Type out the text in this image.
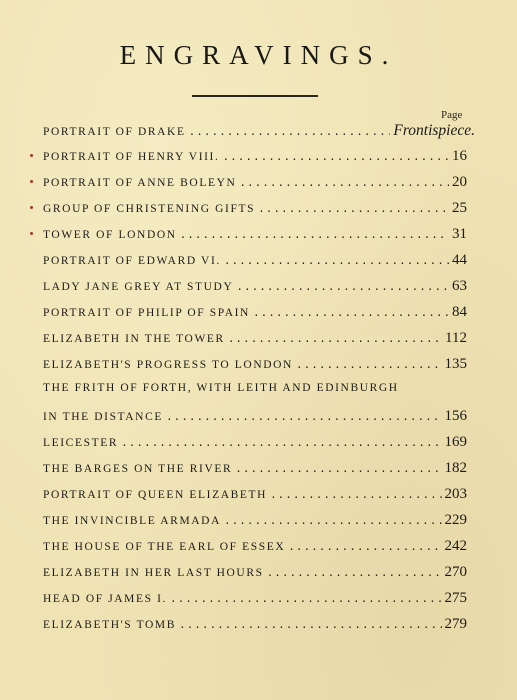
ENGRAVINGS.
Page
PORTRAIT OF DRAKE .....	Frontispiece.
PORTRAIT OF HENRY VIII. .....	16
PORTRAIT OF ANNE BOLEYN .....	20
GROUP OF CHRISTENING GIFTS .....	25
TOWER OF LONDON .....	31
PORTRAIT OF EDWARD VI. .....	44
LADY JANE GREY AT STUDY .....	63
PORTRAIT OF PHILIP OF SPAIN .....	84
ELIZABETH IN THE TOWER .....	112
ELIZABETH'S PROGRESS TO LONDON .....	135
THE FRITH OF FORTH, WITH LEITH AND EDINBURGH
IN THE DISTANCE .....	156
LEICESTER .....	169
THE BARGES ON THE RIVER .....	182
PORTRAIT OF QUEEN ELIZABETH .....	203
THE INVINCIBLE ARMADA .....	229
THE HOUSE OF THE EARL OF ESSEX .....	242
ELIZABETH IN HER LAST HOURS .....	270
HEAD OF JAMES I. .....	275
ELIZABETH'S TOMB .....	279
